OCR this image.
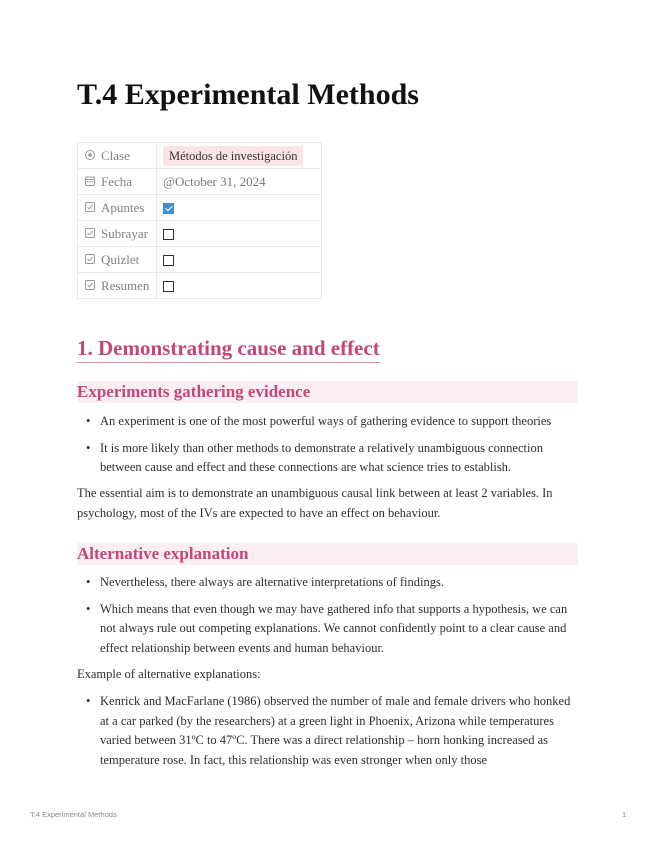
T.4 Experimental Methods
Clase	Métodos de investigación
Fecha	@October 31, 2024
Apuntes	
Subrayar	
Quizlet	
Resumen	
1. Demonstrating cause and effect
Experiments gathering evidence
• An experiment is one of the most powerful ways of gathering evidence to support theories
• It is more likely than other methods to demonstrate a relatively unambiguous connection between cause and effect and these connections are what science tries to establish.

The essential aim is to demonstrate an unambiguous causal link between at least 2 variables. In psychology, most of the IVs are expected to have an effect on behaviour.

Alternative explanation
• Nevertheless, there always are alternative interpretations of findings.
• Which means that even though we may have gathered info that supports a hypothesis, we can not always rule out competing explanations. We cannot confidently point to a clear cause and effect relationship between events and human behaviour.

Example of alternative explanations:

• Kenrick and MacFarlane (1986) observed the number of male and female drivers who honked at a car parked (by the researchers) at a green light in Phoenix, Arizona while temperatures varied between 31ºC to 47ºC. There was a direct relationship – horn honking increased as temperature rose. In fact, this relationship was even stronger when only those
T.4 Experimental Methods	1
